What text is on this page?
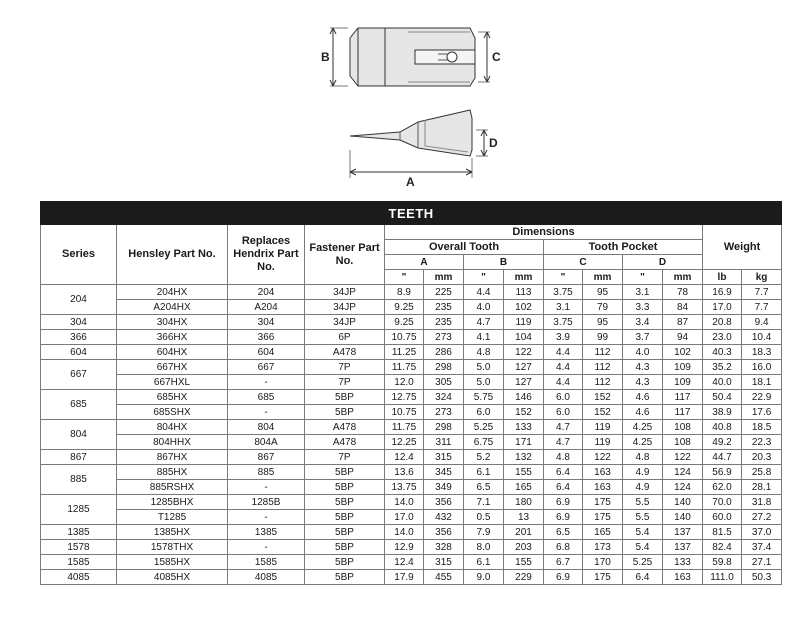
B	C
D
A
TEETH													
Series	Hensley Part No.	Replaces Hendrix Part No.	Fastener Part No.	Dimensions								Weight	
				Overall Tooth				Tooth Pocket					
				A		B		C		D			
				"	mm	"	mm	"	mm	"	mm	lb	kg
204	204HX	204	34JP	8.9	225	4.4	113	3.75	95	3.1	78	16.9	7.7
	A204HX	A204	34JP	9.25	235	4.0	102	3.1	79	3.3	84	17.0	7.7
304	304HX	304	34JP	9.25	235	4.7	119	3.75	95	3.4	87	20.8	9.4
366	366HX	366	6P	10.75	273	4.1	104	3.9	99	3.7	94	23.0	10.4
604	604HX	604	A478	11.25	286	4.8	122	4.4	112	4.0	102	40.3	18.3
667	667HX	667	7P	11.75	298	5.0	127	4.4	112	4.3	109	35.2	16.0
	667HXL	-	7P	12.0	305	5.0	127	4.4	112	4.3	109	40.0	18.1
685	685HX	685	5BP	12.75	324	5.75	146	6.0	152	4.6	117	50.4	22.9
	685SHX	-	5BP	10.75	273	6.0	152	6.0	152	4.6	117	38.9	17.6
804	804HX	804	A478	11.75	298	5.25	133	4.7	119	4.25	108	40.8	18.5
	804HHX	804A	A478	12.25	311	6.75	171	4.7	119	4.25	108	49.2	22.3
867	867HX	867	7P	12.4	315	5.2	132	4.8	122	4.8	122	44.7	20.3
885	885HX	885	5BP	13.6	345	6.1	155	6.4	163	4.9	124	56.9	25.8
	885RSHX	-	5BP	13.75	349	6.5	165	6.4	163	4.9	124	62.0	28.1
1285	1285BHX	1285B	5BP	14.0	356	7.1	180	6.9	175	5.5	140	70.0	31.8
	T1285	-	5BP	17.0	432	0.5	13	6.9	175	5.5	140	60.0	27.2
1385	1385HX	1385	5BP	14.0	356	7.9	201	6.5	165	5.4	137	81.5	37.0
1578	1578THX	-	5BP	12.9	328	8.0	203	6.8	173	5.4	137	82.4	37.4
1585	1585HX	1585	5BP	12.4	315	6.1	155	6.7	170	5.25	133	59.8	27.1
4085	4085HX	4085	5BP	17.9	455	9.0	229	6.9	175	6.4	163	111.0	50.3
